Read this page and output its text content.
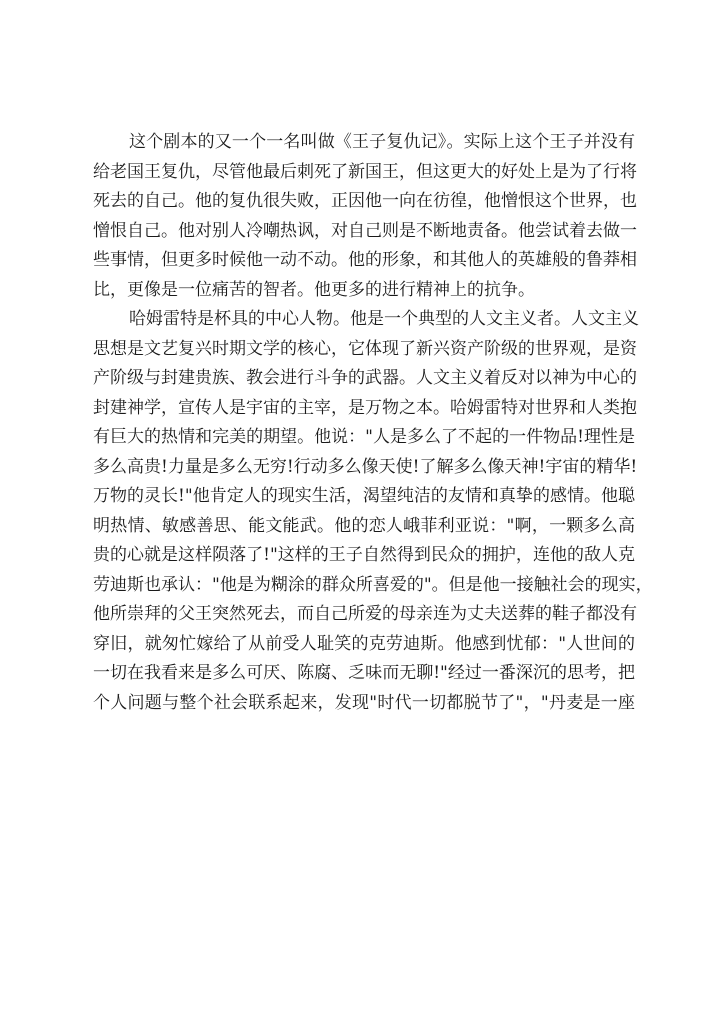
这个剧本的又一个一名叫做《王子复仇记》。实际上这个王子并没有
给老国王复仇，尽管他最后刺死了新国王，但这更大的好处上是为了行将
死去的自己。他的复仇很失败，正因他一向在彷徨，他憎恨这个世界，也
憎恨自己。他对别人冷嘲热讽，对自己则是不断地责备。他尝试着去做一
些事情，但更多时候他一动不动。他的形象，和其他人的英雄般的鲁莽相
比，更像是一位痛苦的智者。他更多的进行精神上的抗争。
哈姆雷特是杯具的中心人物。他是一个典型的人文主义者。人文主义
思想是文艺复兴时期文学的核心，它体现了新兴资产阶级的世界观，是资
产阶级与封建贵族、教会进行斗争的武器。人文主义着反对以神为中心的
封建神学，宣传人是宇宙的主宰，是万物之本。哈姆雷特对世界和人类抱
有巨大的热情和完美的期望。他说："人是多么了不起的一件物品!理性是
多么高贵!力量是多么无穷!行动多么像天使!了解多么像天神!宇宙的精华!
万物的灵长!"他肯定人的现实生活，渴望纯洁的友情和真挚的感情。他聪
明热情、敏感善思、能文能武。他的恋人峨菲利亚说："啊，一颗多么高
贵的心就是这样陨落了!"这样的王子自然得到民众的拥护，连他的敌人克
劳迪斯也承认："他是为糊涂的群众所喜爱的"。但是他一接触社会的现实，
他所崇拜的父王突然死去，而自己所爱的母亲连为丈夫送葬的鞋子都没有
穿旧，就匆忙嫁给了从前受人耻笑的克劳迪斯。他感到忧郁："人世间的
一切在我看来是多么可厌、陈腐、乏味而无聊!"经过一番深沉的思考，把
个人问题与整个社会联系起来，发现"时代一切都脱节了"，"丹麦是一座
